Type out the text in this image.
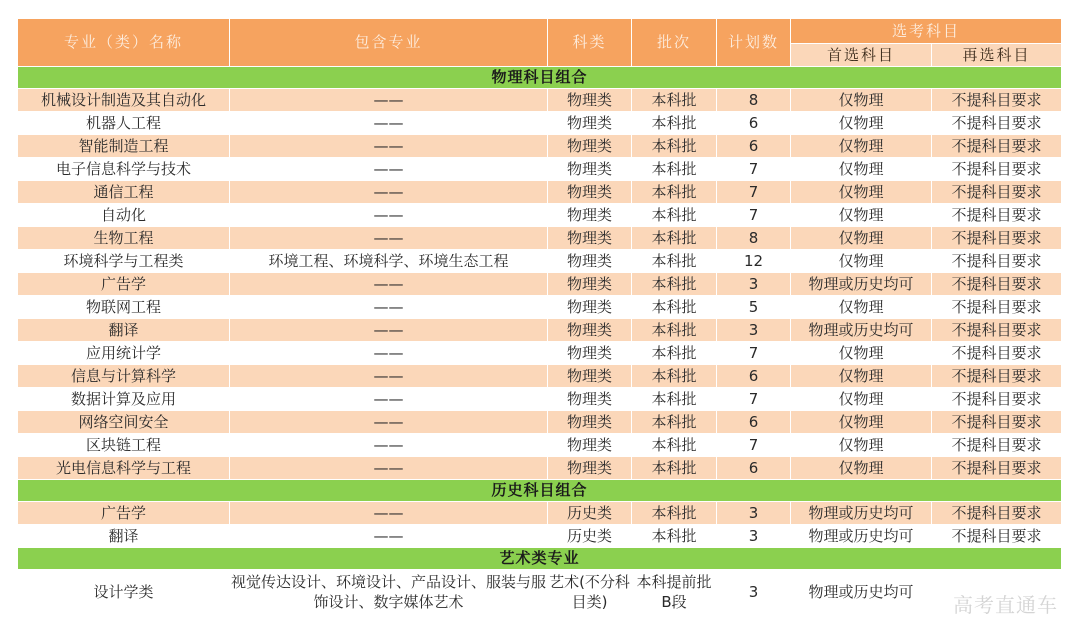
专业（类）名称	包含专业	科类	批次	计划数	选考科目	
					首选科目	再选科目
物理科目组合						
机械设计制造及其自动化	——	物理类	本科批	8	仅物理	不提科目要求
机器人工程	——	物理类	本科批	6	仅物理	不提科目要求
智能制造工程	——	物理类	本科批	6	仅物理	不提科目要求
电子信息科学与技术	——	物理类	本科批	7	仅物理	不提科目要求
通信工程	——	物理类	本科批	7	仅物理	不提科目要求
自动化	——	物理类	本科批	7	仅物理	不提科目要求
生物工程	——	物理类	本科批	8	仅物理	不提科目要求
环境科学与工程类	环境工程、环境科学、环境生态工程	物理类	本科批	12	仅物理	不提科目要求
广告学	——	物理类	本科批	3	物理或历史均可	不提科目要求
物联网工程	——	物理类	本科批	5	仅物理	不提科目要求
翻译	——	物理类	本科批	3	物理或历史均可	不提科目要求
应用统计学	——	物理类	本科批	7	仅物理	不提科目要求
信息与计算科学	——	物理类	本科批	6	仅物理	不提科目要求
数据计算及应用	——	物理类	本科批	7	仅物理	不提科目要求
网络空间安全	——	物理类	本科批	6	仅物理	不提科目要求
区块链工程	——	物理类	本科批	7	仅物理	不提科目要求
光电信息科学与工程	——	物理类	本科批	6	仅物理	不提科目要求
历史科目组合						
广告学	——	历史类	本科批	3	物理或历史均可	不提科目要求
翻译	——	历史类	本科批	3	物理或历史均可	不提科目要求
艺术类专业						
设计学类	视觉传达设计、环境设计、产品设计、服装与服饰设计、数字媒体艺术	艺术(不分科目类)	本科提前批B段	3	物理或历史均可	
高考直通车
